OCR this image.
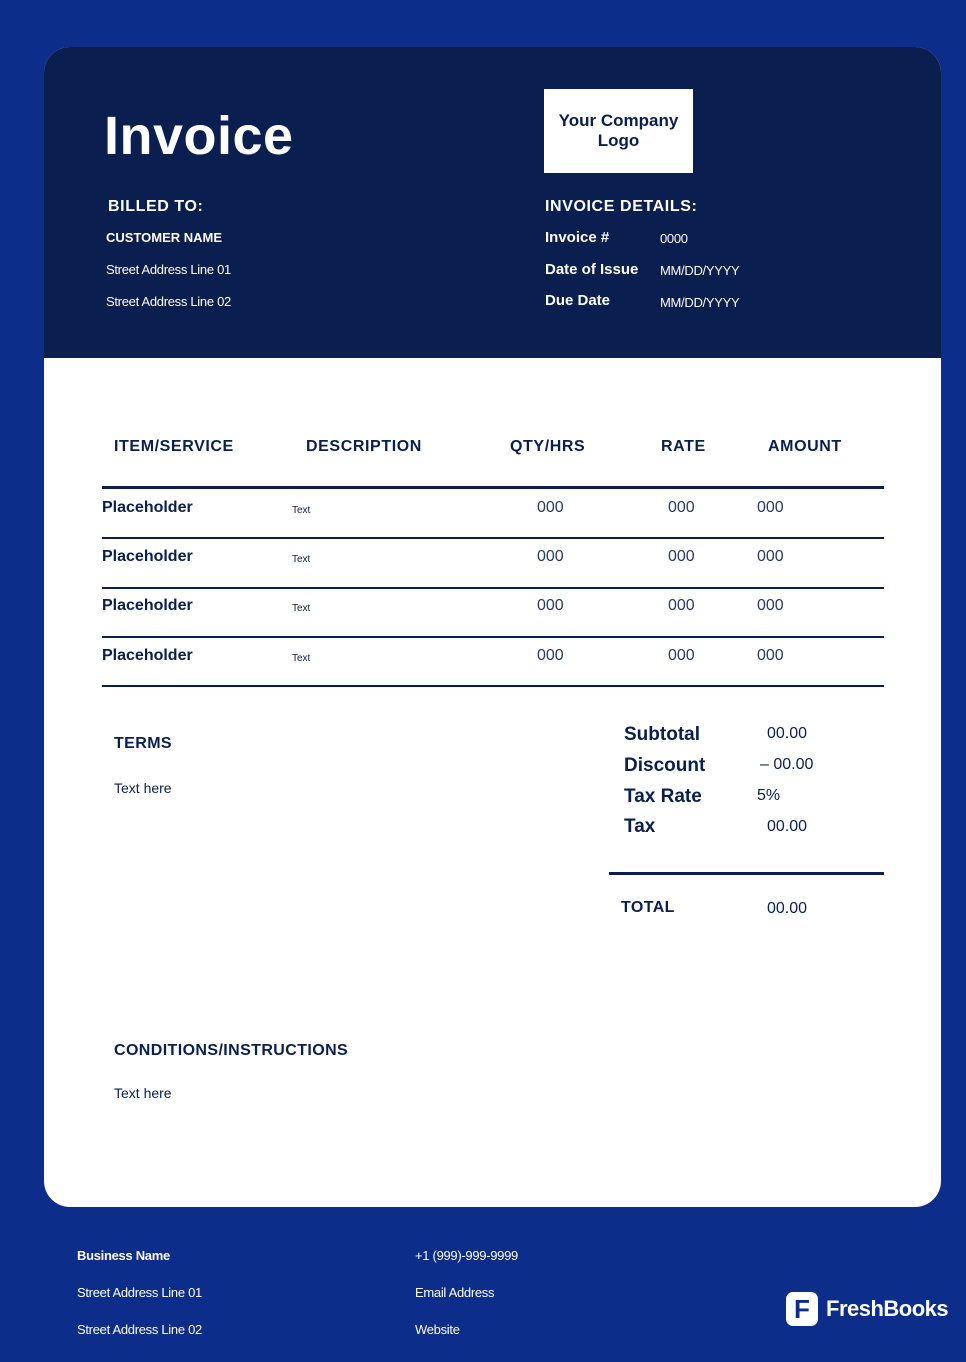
Invoice	Your Company Logo
BILLED TO:
CUSTOMER NAME
Street Address Line 01
Street Address Line 02
INVOICE DETAILS:
Invoice #	0000
Date of Issue MM/DD/YYYY
Due Date	MM/DD/YYYY
ITEM/SERVICE	DESCRIPTION	QTY/HRS	RATE	AMOUNT
Placeholder	Text	000	000	000
Placeholder	Text	000	000	000
Placeholder	Text	000	000	000
Placeholder	Text	000	000	000
TERMS
Text here
Subtotal	00.00
Discount	– 00.00
Tax Rate	5%
Tax	00.00
TOTAL	00.00
CONDITIONS/INSTRUCTIONS
Text here
Business Name
Street Address Line 01
Street Address Line 02
+1 (999)-999-9999
Email Address
Website
F FreshBooks
